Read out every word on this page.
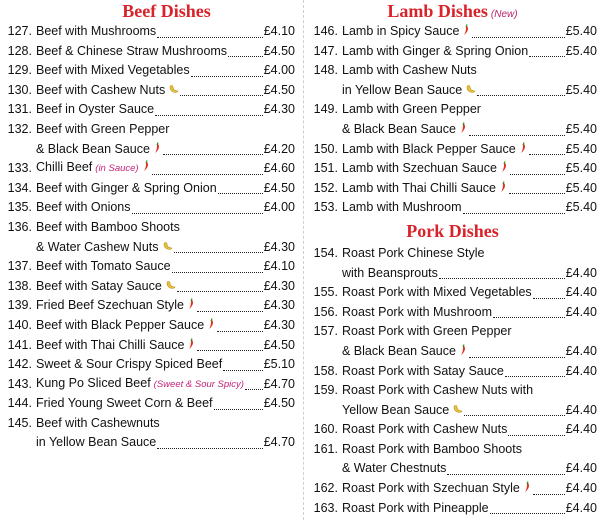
Beef Dishes
127. Beef with Mushrooms	£4.10
128. Beef & Chinese Straw Mushrooms	£4.50
129. Beef with Mixed Vegetables	£4.00
130. Beef with Cashew Nuts	£4.50
131. Beef in Oyster Sauce	£4.30
132. Beef with Green Pepper
& Black Bean Sauce	£4.20
133. Chilli Beef (in Sauce)	£4.60
134. Beef with Ginger & Spring Onion	£4.50
135. Beef with Onions	£4.00
136. Beef with Bamboo Shoots
& Water Cashew Nuts	£4.30
137. Beef with Tomato Sauce	£4.10
138. Beef with Satay Sauce	£4.30
139. Fried Beef Szechuan Style	£4.30
140. Beef with Black Pepper Sauce	£4.30
141. Beef with Thai Chilli Sauce	£4.50
142. Sweet & Sour Crispy Spiced Beef	£5.10
143. Kung Po Sliced Beef (Sweet & Sour Spicy) £4.70
144. Fried Young Sweet Corn & Beef	£4.50
145. Beef with Cashewnuts
in Yellow Bean Sauce	£4.70
Lamb Dishes (New)
146. Lamb in Spicy Sauce	£5.40
147. Lamb with Ginger & Spring Onion	£5.40
148. Lamb with Cashew Nuts
in Yellow Bean Sauce	£5.40
149. Lamb with Green Pepper
& Black Bean Sauce	£5.40
150. Lamb with Black Pepper Sauce	£5.40
151. Lamb with Szechuan Sauce	£5.40
152. Lamb with Thai Chilli Sauce	£5.40
153. Lamb with Mushroom	£5.40
Pork Dishes
154. Roast Pork Chinese Style
with Beansprouts	£4.40
155. Roast Pork with Mixed Vegetables	£4.40
156. Roast Pork with Mushroom	£4.40
157. Roast Pork with Green Pepper
& Black Bean Sauce	£4.40
158. Roast Pork with Satay Sauce	£4.40
159. Roast Pork with Cashew Nuts with
Yellow Bean Sauce	£4.40
160. Roast Pork with Cashew Nuts	£4.40
161. Roast Pork with Bamboo Shoots
& Water Chestnuts	£4.40
162. Roast Pork with Szechuan Style	£4.40
163. Roast Pork with Pineapple	£4.40
